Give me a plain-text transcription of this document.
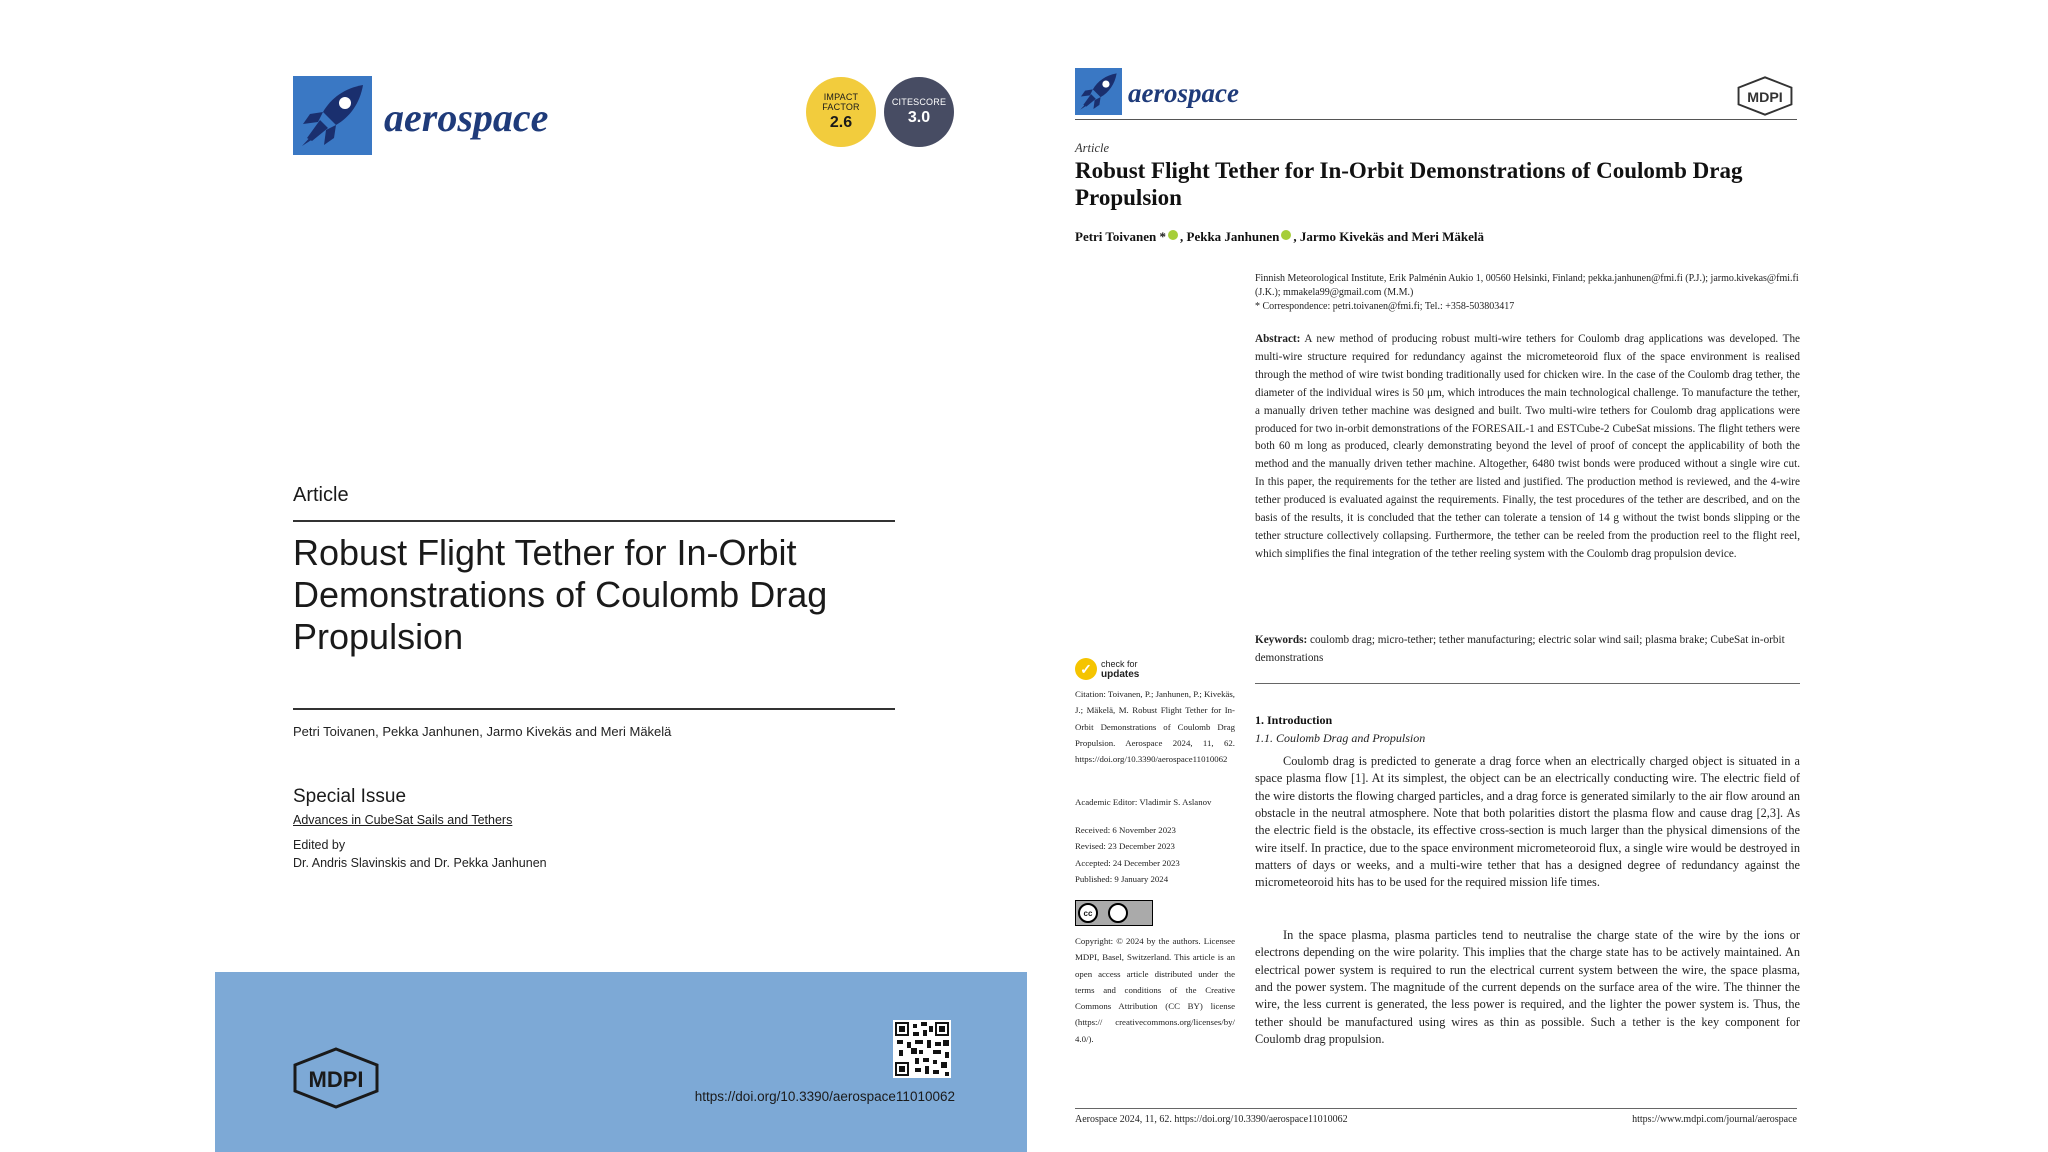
aerospace	IMPACT FACTOR
2.6
CITESCORE
3.0
Article
Robust Flight Tether for In-Orbit Demonstrations of Coulomb Drag Propulsion
Petri Toivanen, Pekka Janhunen, Jarmo Kivekäs and Meri Mäkelä
Special Issue
Advances in CubeSat Sails and Tethers
Edited by
Dr. Andris Slavinskis and Dr. Pekka Janhunen
MDPI
https://doi.org/10.3390/aerospace11010062
aerospace	MDPI
Article
Robust Flight Tether for In-Orbit Demonstrations of Coulomb Drag Propulsion
Petri Toivanen * , Pekka Janhunen , Jarmo Kivekäs and Meri Mäkelä
Finnish Meteorological Institute, Erik Palménin Aukio 1, 00560 Helsinki, Finland; pekka.janhunen@fmi.fi (P.J.); jarmo.kivekas@fmi.fi (J.K.); mmakela99@gmail.com (M.M.)
* Correspondence: petri.toivanen@fmi.fi; Tel.: +358-503803417
Abstract: A new method of producing robust multi-wire tethers for Coulomb drag applications was developed. The multi-wire structure required for redundancy against the micrometeoroid flux of the space environment is realised through the method of wire twist bonding traditionally used for chicken wire. In the case of the Coulomb drag tether, the diameter of the individual wires is 50 μm, which introduces the main technological challenge. To manufacture the tether, a manually driven tether machine was designed and built. Two multi-wire tethers for Coulomb drag applications were produced for two in-orbit demonstrations of the FORESAIL-1 and ESTCube-2 CubeSat missions. The flight tethers were both 60 m long as produced, clearly demonstrating beyond the level of proof of concept the applicability of both the method and the manually driven tether machine. Altogether, 6480 twist bonds were produced without a single wire cut. In this paper, the requirements for the tether are listed and justified. The production method is reviewed, and the 4-wire tether produced is evaluated against the requirements. Finally, the test procedures of the tether are described, and on the basis of the results, it is concluded that the tether can tolerate a tension of 14 g without the twist bonds slipping or the tether structure collectively collapsing. Furthermore, the tether can be reeled from the production reel to the flight reel, which simplifies the final integration of the tether reeling system with the Coulomb drag propulsion device.
Keywords: coulomb drag; micro-tether; tether manufacturing; electric solar wind sail; plasma brake; CubeSat in-orbit demonstrations
✓	check for
updates
Citation: Toivanen, P.; Janhunen, P.; Kivekäs, J.; Mäkelä, M. Robust Flight Tether for In-Orbit Demonstrations of Coulomb Drag Propulsion. Aerospace 2024, 11, 62. https://doi.org/10.3390/aerospace11010062
Academic Editor: Vladimir S. Aslanov
Received: 6 November 2023
Revised: 23 December 2023
Accepted: 24 December 2023
Published: 9 January 2024
cc
Copyright: © 2024 by the authors. Licensee MDPI, Basel, Switzerland. This article is an open access article distributed under the terms and conditions of the Creative Commons Attribution (CC BY) license (https:// creativecommons.org/licenses/by/ 4.0/).
1. Introduction
1.1. Coulomb Drag and Propulsion
Coulomb drag is predicted to generate a drag force when an electrically charged object is situated in a space plasma flow [1]. At its simplest, the object can be an electrically conducting wire. The electric field of the wire distorts the flowing charged particles, and a drag force is generated similarly to the air flow around an obstacle in the neutral atmosphere. Note that both polarities distort the plasma flow and cause drag [2,3]. As the electric field is the obstacle, its effective cross-section is much larger than the physical dimensions of the wire itself. In practice, due to the space environment micrometeoroid flux, a single wire would be destroyed in matters of days or weeks, and a multi-wire tether that has a designed degree of redundancy against the micrometeoroid hits has to be used for the required mission life times.
In the space plasma, plasma particles tend to neutralise the charge state of the wire by the ions or electrons depending on the wire polarity. This implies that the charge state has to be actively maintained. An electrical power system is required to run the electrical current system between the wire, the space plasma, and the power system. The magnitude of the current depends on the surface area of the wire. The thinner the wire, the less current is generated, the less power is required, and the lighter the power system is. Thus, the tether should be manufactured using wires as thin as possible. Such a tether is the key component for Coulomb drag propulsion.
Aerospace 2024, 11, 62. https://doi.org/10.3390/aerospace11010062	https://www.mdpi.com/journal/aerospace
